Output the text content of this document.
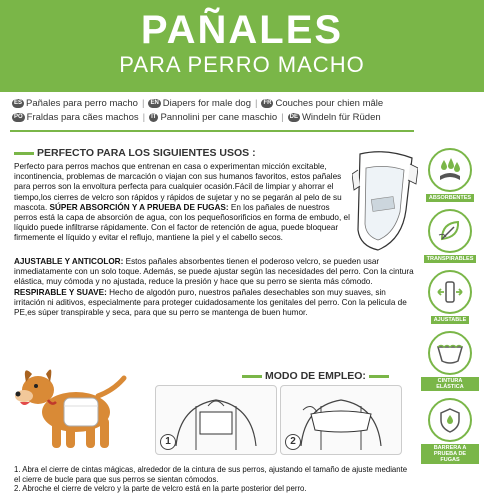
PAÑALES
PARA PERRO MACHO
ES Pañales para perro macho |	EN Diapers for male dog |	FR Couches pour chien mâle
PO Fraldas para cães machos |	IT Pannolini per cane maschio |	DE Windeln für Rüden
PERFECTO PARA LOS SIGUIENTES USOS :
Perfecto para perros machos que entrenan en casa o experimentan micción excitable, incontinencia, problemas de marcación o viajan con sus humanos favoritos, estos pañales para perros son la envoltura perfecta para cualquier ocasión.Fácil de limpiar y ahorrar el tiempo,los cierres de velcro son rápidos y rápidos de sujetar y no se pegarán al pelo de su mascota. SÚPER ABSORCIÓN Y A PRUEBA DE FUGAS: En los pañales de nuestros perros está la capa de absorción de agua, con los pequeñosorificios en forma de embudo, el líquido puede infiltrarse rápidamente. Con el factor de retención de agua, puede bloquear firmemente el líquido y evitar el reflujo, mantiene la piel y el cabello secos.
AJUSTABLE Y ANTICOLOR: Estos pañales absorbentes tienen el poderoso velcro, se pueden usar inmediatamente con un solo toque. Además, se puede ajustar según las necesidades del perro. Con la cintura elástica, muy cómoda y no ajustada, reduce la presión y hace que su perro se sienta más cómodo.
RESPIRABLE Y SUAVE: Hecho de algodón puro, nuestros pañales desechables son muy suaves, sin irritación ni aditivos, especialmente para proteger cuidadosamente los genitales del perro. Con la pelicula de PE,es súper transpirable y seca, para que su perro se mantenga de buen humor.
ABSORBENTES
TRANSPIRABLES
AJUSTABLE
CINTURA ELÁSTICA
BARRERA A PRUEBA DE FUGAS
MODO DE EMPLEO:
1	2
1. Abra el cierre de cintas mágicas, alrededor de la cintura de sus perros, ajustando el tamaño de ajuste mediante el cierre de bucle para que sus perros se sientan cómodos.
2. Abroche el cierre de velcro y la parte de velcro está en la parte posterior del perro.
